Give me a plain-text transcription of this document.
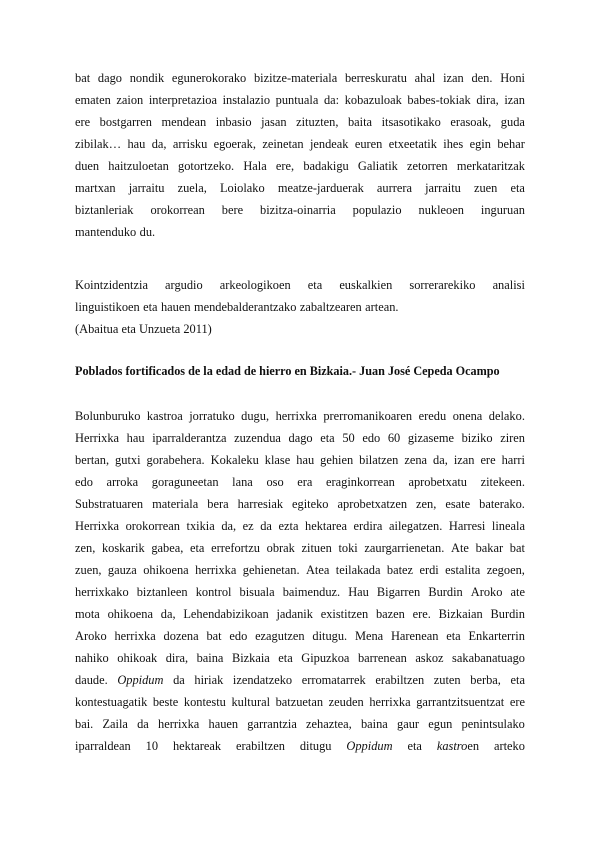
bat dago nondik egunerokorako bizitze-materiala berreskuratu ahal izan den. Honi
ematen zaion interpretazioa instalazio puntuala da: kobazuloak babes-tokiak dira, izan
ere bostgarren mendean inbasio jasan zituzten, baita itsasotikako erasoak, guda
zibilak… hau da, arrisku egoerak, zeinetan jendeak euren etxeetatik ihes egin behar
duen haitzuloetan gotortzeko. Hala ere, badakigu Galiatik zetorren merkataritzak
martxan jarraitu zuela, Loiolako meatze-jarduerak aurrera jarraitu zuen eta
biztanleriak orokorrean bere bizitza-oinarria populazio nukleoen inguruan
mantenduko du.
Kointzidentzia argudio arkeologikoen eta euskalkien sorrerarekiko analisi
linguistikoen eta hauen mendebalderantzako zabaltzearen artean.
(Abaitua eta Unzueta 2011)
Poblados fortificados de la edad de hierro en Bizkaia.- Juan José Cepeda Ocampo
Bolunburuko kastroa jorratuko dugu, herrixka prerromanikoaren eredu onena delako.
Herrixka hau iparralderantza zuzendua dago eta 50 edo 60 gizaseme biziko ziren
bertan, gutxi gorabehera. Kokaleku klase hau gehien bilatzen zena da, izan ere harri
edo arroka goraguneetan lana oso era eraginkorrean aprobetxatu zitekeen.
Substratuaren materiala bera harresiak egiteko aprobetxatzen zen, esate baterako.
Herrixka orokorrean txikia da, ez da ezta hektarea erdira ailegatzen. Harresi lineala
zen, koskarik gabea, eta errefortzu obrak zituen toki zaurgarrienetan. Ate bakar bat
zuen, gauza ohikoena herrixka gehienetan. Atea teilakada batez erdi estalita zegoen,
herrixkako biztanleen kontrol bisuala baimenduz. Hau Bigarren Burdin Aroko ate
mota ohikoena da, Lehendabizikoan jadanik existitzen bazen ere. Bizkaian Burdin
Aroko herrixka dozena bat edo ezagutzen ditugu. Mena Harenean eta Enkarterrin
nahiko ohikoak dira, baina Bizkaia eta Gipuzkoa barrenean askoz sakabanatuago
daude. Oppidum da hiriak izendatzeko erromatarrek erabiltzen zuten berba, eta
kontestuagatik beste kontestu kultural batzuetan zeuden herrixka garrantzitsuentzat ere
bai. Zaila da herrixka hauen garrantzia zehaztea, baina gaur egun penintsulako
iparraldean 10 hektareak erabiltzen ditugu Oppidum eta kastroen arteko
